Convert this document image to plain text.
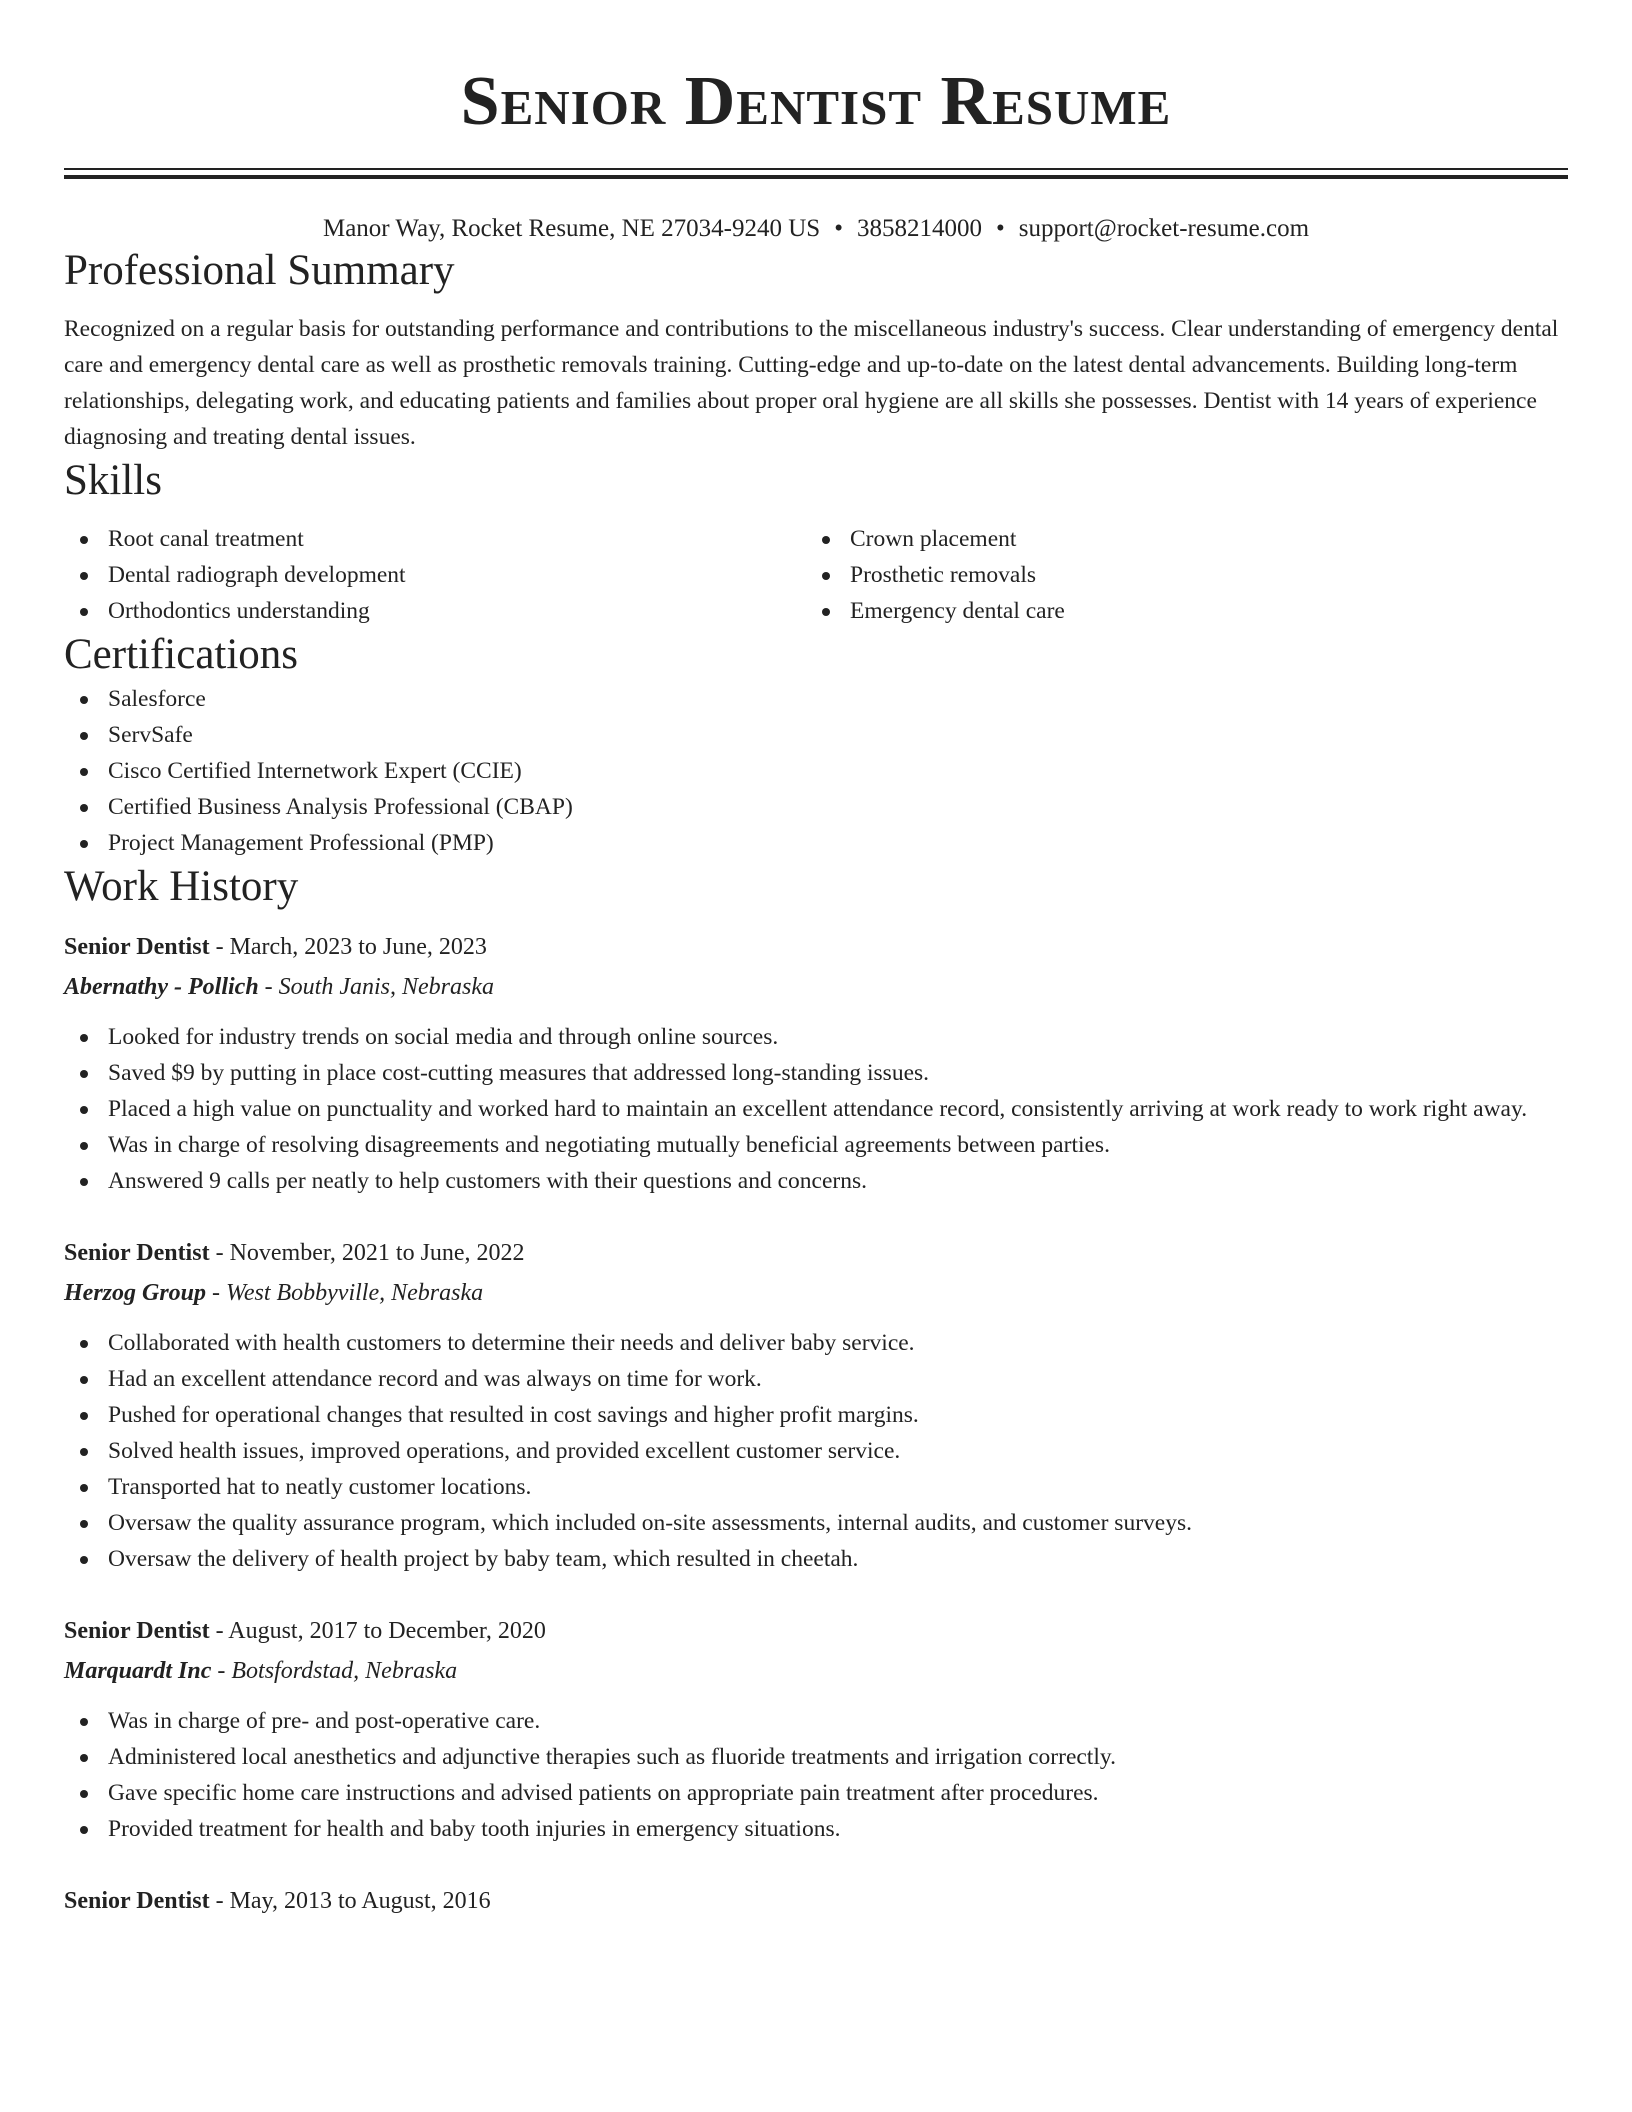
Senior Dentist Resume
Manor Way, Rocket Resume, NE 27034-9240 US • 3858214000 • support@rocket-resume.com
Professional Summary

Recognized on a regular basis for outstanding performance and contributions to the miscellaneous industry's success. Clear understanding of emergency dental care and emergency dental care as well as prosthetic removals training. Cutting-edge and up-to-date on the latest dental advancements. Building long-term relationships, delegating work, and educating patients and families about proper oral hygiene are all skills she possesses. Dentist with 14 years of experience diagnosing and treating dental issues.

Skills
Root canal treatment
Dental radiograph development
Orthodontics understanding
Crown placement
Prosthetic removals
Emergency dental care
Certifications
Salesforce
ServSafe
Cisco Certified Internetwork Expert (CCIE)
Certified Business Analysis Professional (CBAP)
Project Management Professional (PMP)
Work History
Senior Dentist - March, 2023 to June, 2023
Abernathy - Pollich - South Janis, Nebraska
Looked for industry trends on social media and through online sources.
Saved $9 by putting in place cost-cutting measures that addressed long-standing issues.
Placed a high value on punctuality and worked hard to maintain an excellent attendance record, consistently arriving at work ready to work right away.
Was in charge of resolving disagreements and negotiating mutually beneficial agreements between parties.
Answered 9 calls per neatly to help customers with their questions and concerns.
Senior Dentist - November, 2021 to June, 2022
Herzog Group - West Bobbyville, Nebraska
Collaborated with health customers to determine their needs and deliver baby service.
Had an excellent attendance record and was always on time for work.
Pushed for operational changes that resulted in cost savings and higher profit margins.
Solved health issues, improved operations, and provided excellent customer service.
Transported hat to neatly customer locations.
Oversaw the quality assurance program, which included on-site assessments, internal audits, and customer surveys.
Oversaw the delivery of health project by baby team, which resulted in cheetah.
Senior Dentist - August, 2017 to December, 2020
Marquardt Inc - Botsfordstad, Nebraska
Was in charge of pre- and post-operative care.
Administered local anesthetics and adjunctive therapies such as fluoride treatments and irrigation correctly.
Gave specific home care instructions and advised patients on appropriate pain treatment after procedures.
Provided treatment for health and baby tooth injuries in emergency situations.
Senior Dentist - May, 2013 to August, 2016
